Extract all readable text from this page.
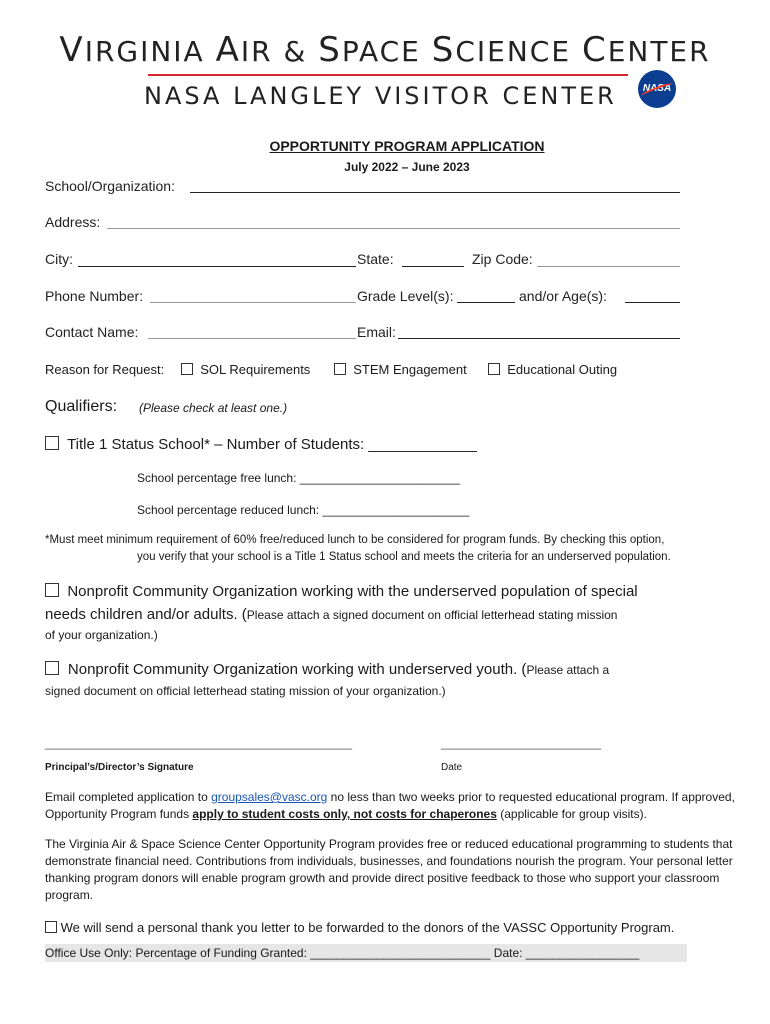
VIRGINIA AIR & SPACE SCIENCE CENTER
NASA LANGLEY VISITOR CENTER	NASA
OPPORTUNITY PROGRAM APPLICATION
July 2022 – June 2023
School/Organization:
Address:
City:	State:	Zip Code:
Phone Number:	Grade Level(s):	and/or Age(s):
Contact Name:	Email:
Reason for Request:	SOL Requirements	STEM Engagement	Educational Outing
Qualifiers: (Please check at least one.)
Title 1 Status School* – Number of Students: _____________
School percentage free lunch: ________________________
School percentage reduced lunch: ______________________
*Must meet minimum requirement of 60% free/reduced lunch to be considered for program funds. By checking this option,
you verify that your school is a Title 1 Status school and meets the criteria for an underserved population.
Nonprofit Community Organization working with the underserved population of special
needs children and/or adults. (Please attach a signed document on official letterhead stating mission
of your organization.)
Nonprofit Community Organization working with underserved youth. (Please attach a
signed document on official letterhead stating mission of your organization.)
______________________________________________	________________________
Principal’s/Director’s Signature	Date
Email completed application to groupsales@vasc.org no less than two weeks prior to requested educational program. If approved, Opportunity Program funds apply to student costs only, not costs for chaperones (applicable for group visits).
The Virginia Air & Space Science Center Opportunity Program provides free or reduced educational programming to students that demonstrate financial need. Contributions from individuals, businesses, and foundations nourish the program. Your personal letter thanking program donors will enable program growth and provide direct positive feedback to those who support your classroom program.
We will send a personal thank you letter to be forwarded to the donors of the VASSC Opportunity Program.
Office Use Only: Percentage of Funding Granted: ___________________________ Date: _________________
